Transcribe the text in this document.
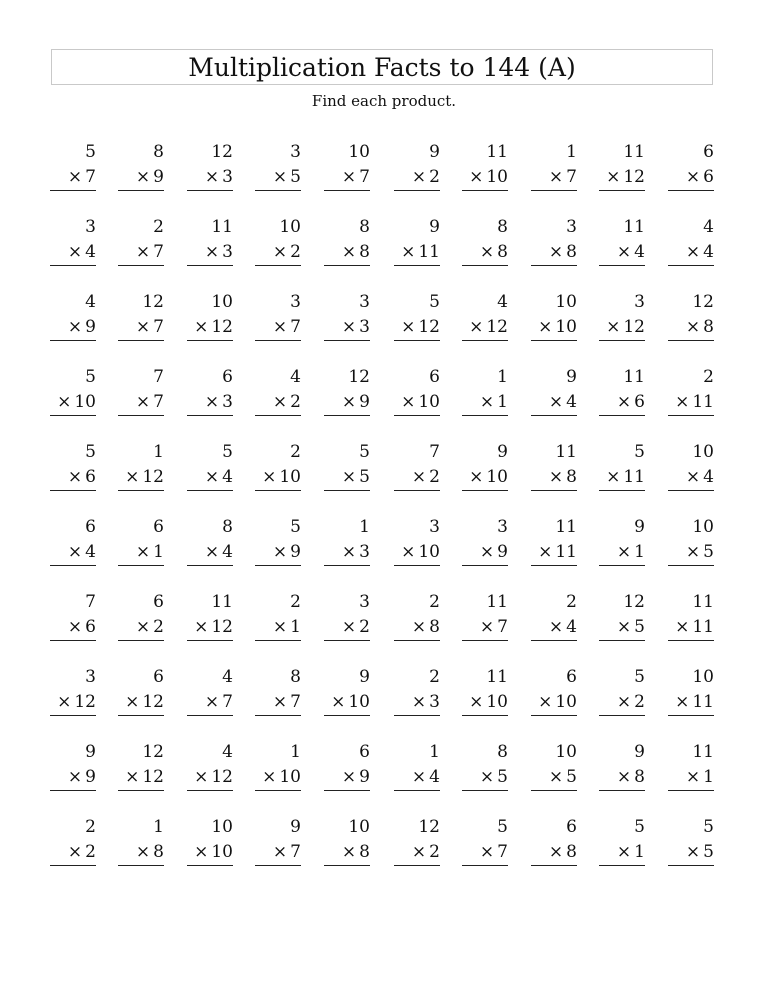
Multiplication Facts to 144 (A)
Find each product.
5
× 7
8
× 9
12
× 3
3
× 5
10
× 7
9
× 2
11
× 10
1
× 7
11
× 12
6
× 6
3
× 4
2
× 7
11
× 3
10
× 2
8
× 8
9
× 11
8
× 8
3
× 8
11
× 4
4
× 4
4
× 9
12
× 7
10
× 12
3
× 7
3
× 3
5
× 12
4
× 12
10
× 10
3
× 12
12
× 8
5
× 10
7
× 7
6
× 3
4
× 2
12
× 9
6
× 10
1
× 1
9
× 4
11
× 6
2
× 11
5
× 6
1
× 12
5
× 4
2
× 10
5
× 5
7
× 2
9
× 10
11
× 8
5
× 11
10
× 4
6
× 4
6
× 1
8
× 4
5
× 9
1
× 3
3
× 10
3
× 9
11
× 11
9
× 1
10
× 5
7
× 6
6
× 2
11
× 12
2
× 1
3
× 2
2
× 8
11
× 7
2
× 4
12
× 5
11
× 11
3
× 12
6
× 12
4
× 7
8
× 7
9
× 10
2
× 3
11
× 10
6
× 10
5
× 2
10
× 11
9
× 9
12
× 12
4
× 12
1
× 10
6
× 9
1
× 4
8
× 5
10
× 5
9
× 8
11
× 1
2
× 2
1
× 8
10
× 10
9
× 7
10
× 8
12
× 2
5
× 7
6
× 8
5
× 1
5
× 5
